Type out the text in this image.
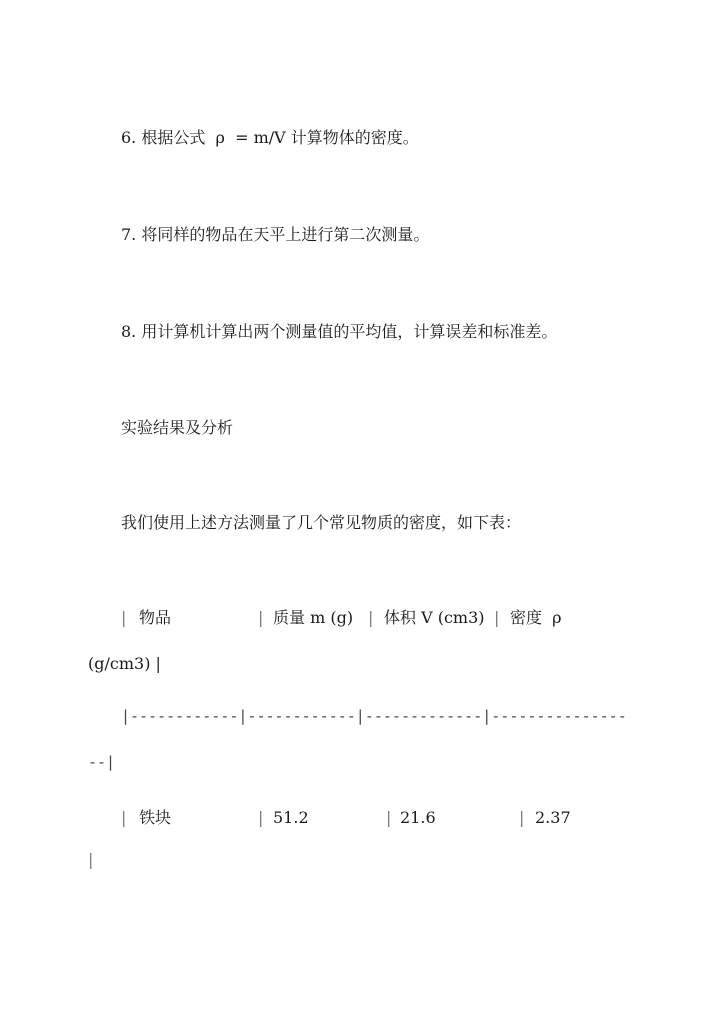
6. 根据公式  ρ  = m/V 计算物体的密度。
7. 将同样的物品在天平上进行第二次测量。
8. 用计算机计算出两个测量值的平均值，计算误差和标准差。
实验结果及分析
我们使用上述方法测量了几个常见物质的密度，如下表：
| 物品	| 质量 m (g) | 体积 V (cm3) | 密度  ρ
(g/cm3) |
|------------|------------|-------------|---------------
--|
| 铁块	| 51.2	| 21.6	| 2.37
|
